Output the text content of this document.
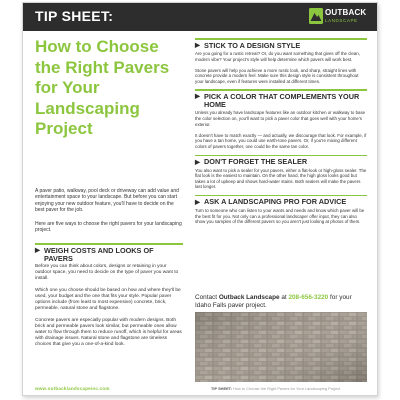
TIP SHEET:	OUTBACK
LANDSCAPE
How to Choose the Right Pavers for Your Landscaping Project

A paver patio, walkway, pool deck or driveway can add value and entertainment space to your landscape. But before you can start enjoying your new outdoor feature, you'll have to decide on the best paver for the job.

Here are five ways to choose the right pavers for your landscaping project.

▶ WEIGH COSTS AND LOOKS OF PAVERS

Before you can think about colors, designs or retaining in your outdoor space, you need to decide on the type of paver you want to install.

Which one you choose should be based on how and where they'll be used, your budget and the one that fits your style. Popular paver options include (from least to most expensive) concrete, brick, permeable, natural stone and flagstone.

Concrete pavers are especially popular with modern designs. Both brick and permeable pavers look similar, but permeable ones allow water to flow through them to reduce runoff, which is helpful for areas with drainage issues. Natural stone and flagstone are timeless choices that give you a one-of-a-kind look.

▶ STICK TO A DESIGN STYLE

Are you going for a rustic retreat? Or, do you want something that gives off the clean, modern vibe? Your project's style will help determine which pavers will work best.

Stone pavers will help you achieve a more rustic look, and sharp, straight lines with concrete provide a modern feel. Make sure this design style is consistent throughout your landscape, even if features were installed at different times.

▶ PICK A COLOR THAT COMPLEMENTS YOUR HOME

Unless you already have landscape features like an outdoor kitchen or walkway to base the color selection on, you'll want to pick a paver color that goes well with your home's exterior.

It doesn't have to match exactly — and actually, we discourage that look. For example, if you have a tan home, you could use earth-tone pavers. Or, if you're mixing different colors of pavers together, one could be the same tan color.

▶ DON'T FORGET THE SEALER

You also want to pick a sealer for your pavers, either a flat-look or high-gloss sealer. The flat look is the easiest to maintain. On the other hand, the high gloss looks good but takes a lot of upkeep and shows hard-water stains. Both sealers will make the pavers last longer.

▶ ASK A LANDSCAPING PRO FOR ADVICE

Turn to someone who can listen to your wants and needs and know which paver will be the best fit for you. Not only can a professional landscaper offer input, they can also show you samples of the different pavers so you aren't just looking at photos of them.

Contact Outback Landscape at 208-656-3220 for your Idaho Falls paver project.

www.outbacklandscapeinc.com	TIP SHEET: How to Choose the Right Pavers for Your Landscaping Project
